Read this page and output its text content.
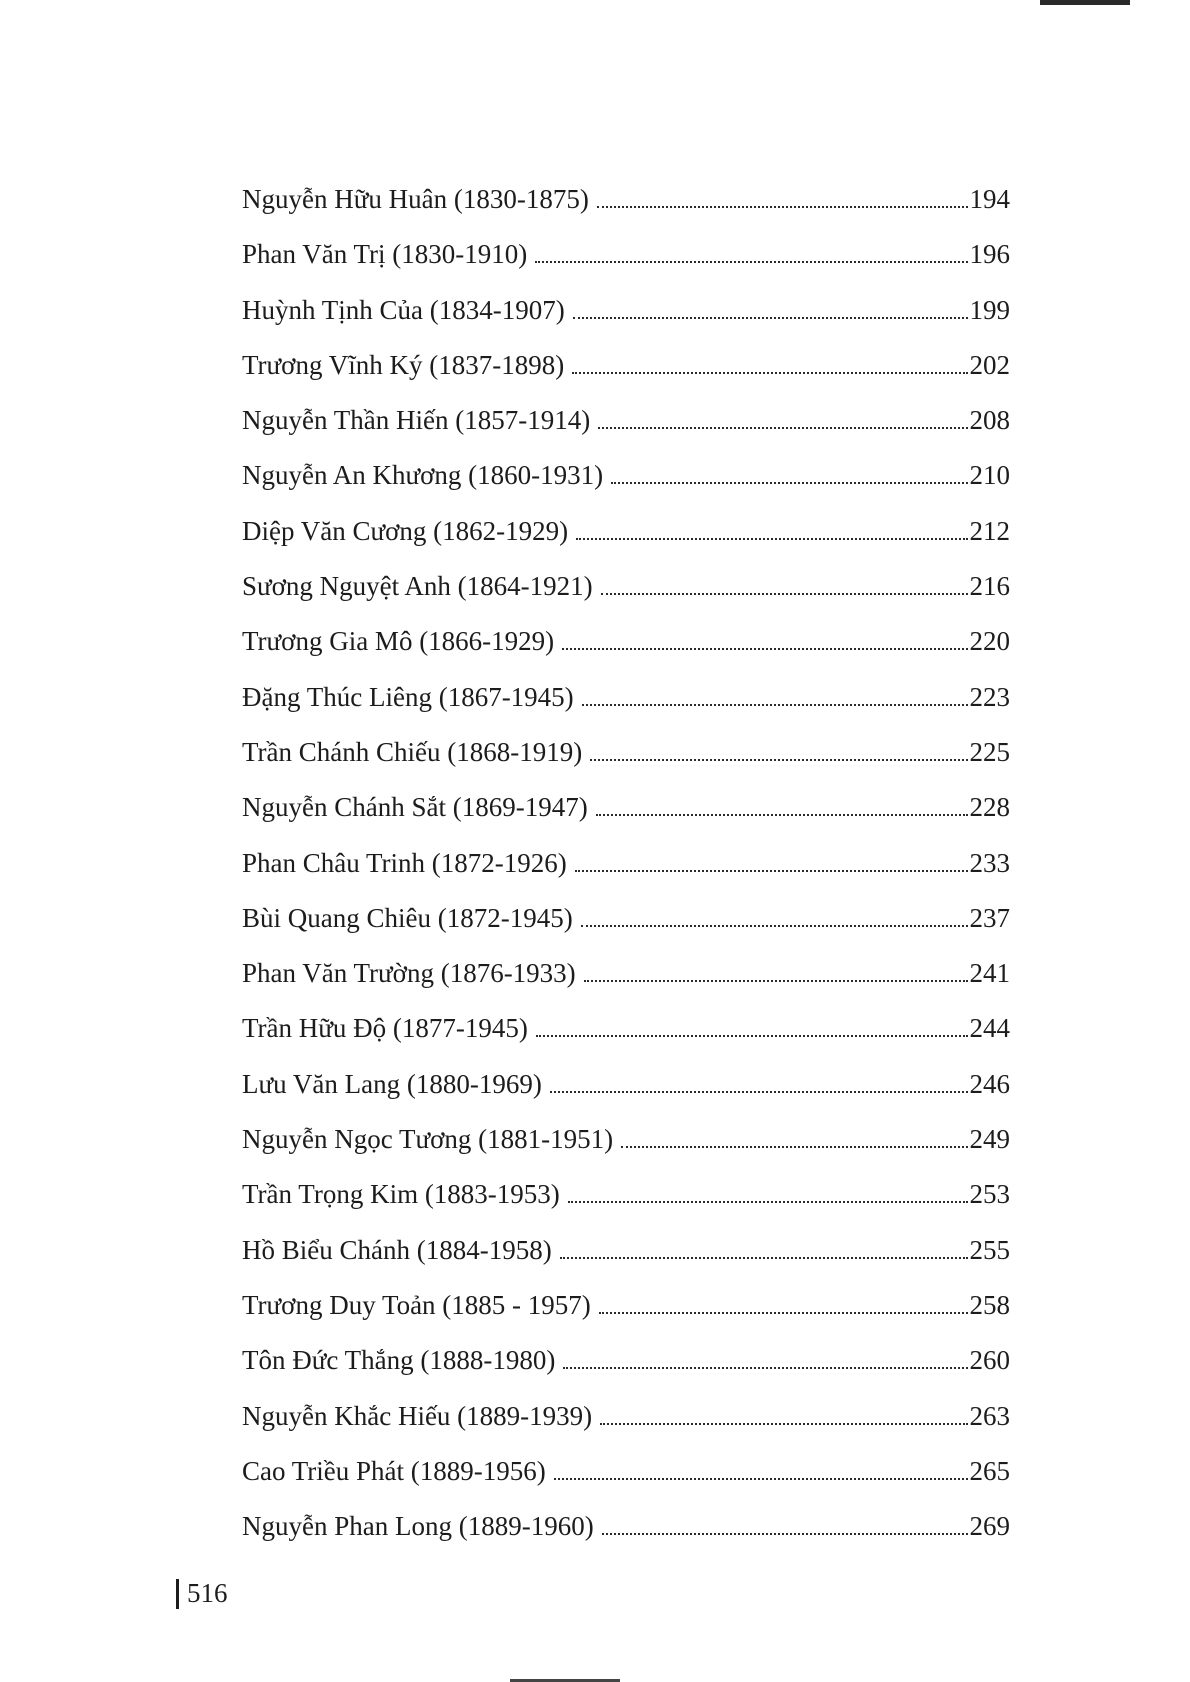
Nguyễn Hữu Huân (1830-1875)	194
Phan Văn Trị (1830-1910)	196
Huỳnh Tịnh Của (1834-1907)	199
Trương Vĩnh Ký (1837-1898)	202
Nguyễn Thần Hiến (1857-1914)	208
Nguyễn An Khương (1860-1931)	210
Diệp Văn Cương (1862-1929)	212
Sương Nguyệt Anh (1864-1921)	216
Trương Gia Mô (1866-1929)	220
Đặng Thúc Liêng (1867-1945)	223
Trần Chánh Chiếu (1868-1919)	225
Nguyễn Chánh Sắt (1869-1947)	228
Phan Châu Trinh (1872-1926)	233
Bùi Quang Chiêu (1872-1945)	237
Phan Văn Trường (1876-1933)	241
Trần Hữu Độ (1877-1945)	244
Lưu Văn Lang (1880-1969)	246
Nguyễn Ngọc Tương (1881-1951)	249
Trần Trọng Kim (1883-1953)	253
Hồ Biểu Chánh (1884-1958)	255
Trương Duy Toản (1885 - 1957)	258
Tôn Đức Thắng (1888-1980)	260
Nguyễn Khắc Hiếu (1889-1939)	263
Cao Triều Phát (1889-1956)	265
Nguyễn Phan Long (1889-1960)	269
516
